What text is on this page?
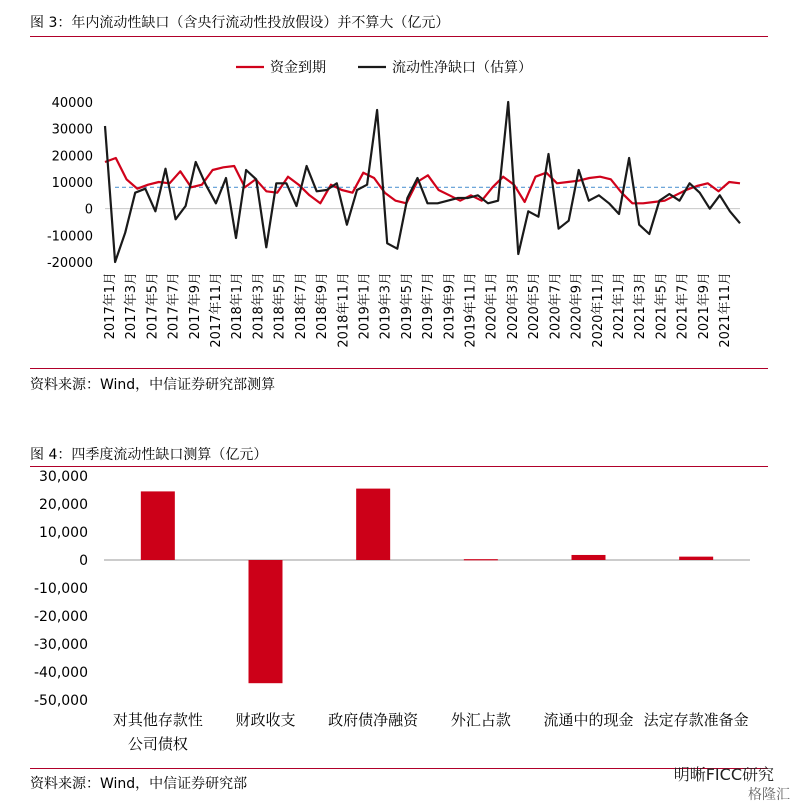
图 3：年内流动性缺口（含央行流动性投放假设）并不算大（亿元）
资金到期	流动性净缺口（估算）
-20000
-10000
0
10000
20000
30000
40000
2017年1月 2017年3月 2017年5月 2017年7月 2017年9月 2017年11月 2018年1月 2018年3月 2018年5月 2018年7月 2018年9月 2018年11月 2019年1月 2019年3月 2019年5月 2019年7月 2019年9月 2019年11月 2020年1月 2020年3月 2020年5月 2020年7月 2020年9月 2020年11月 2021年1月 2021年3月 2021年5月 2021年7月 2021年9月 2021年11月
资料来源：Wind，中信证券研究部测算
图 4：四季度流动性缺口测算（亿元）
-50,000
-40,000
-30,000
-20,000
-10,000
0
10,000
20,000
30,000
对其他存款性
公司债权
财政收支 政府债净融资 外汇占款 流通中的现金 法定存款准备金
资料来源：Wind，中信证券研究部	明晰FICC研究
格隆汇
